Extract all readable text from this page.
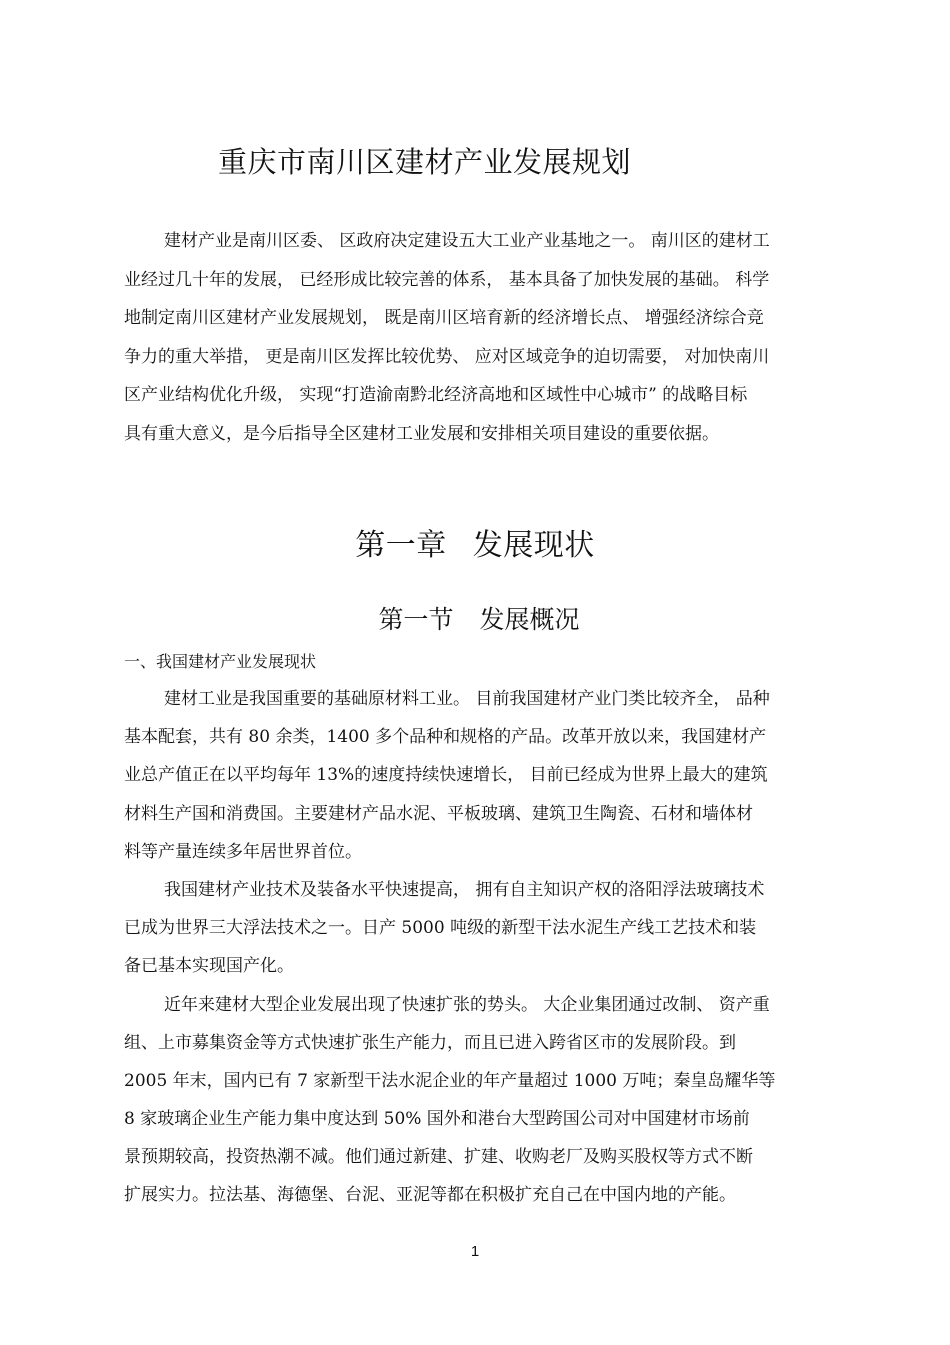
重庆市南川区建材产业发展规划
建材产业是南川区委、 区政府决定建设五大工业产业基地之一。 南川区的建材工
业经过几十年的发展， 已经形成比较完善的体系， 基本具备了加快发展的基础。 科学
地制定南川区建材产业发展规划， 既是南川区培育新的经济增长点、 增强经济综合竞
争力的重大举措， 更是南川区发挥比较优势、 应对区域竞争的迫切需要， 对加快南川
区产业结构优化升级， 实现“打造渝南黔北经济高地和区域性中心城市” 的战略目标
具有重大意义，是今后指导全区建材工业发展和安排相关项目建设的重要依据。
第一章 发展现状
第一节 发展概况
一、我国建材产业发展现状
建材工业是我国重要的基础原材料工业。 目前我国建材产业门类比较齐全， 品种
基本配套，共有 80 余类，1400 多个品种和规格的产品。改革开放以来，我国建材产
业总产值正在以平均每年 13%的速度持续快速增长， 目前已经成为世界上最大的建筑
材料生产国和消费国。主要建材产品水泥、平板玻璃、建筑卫生陶瓷、石材和墙体材
料等产量连续多年居世界首位。
我国建材产业技术及装备水平快速提高， 拥有自主知识产权的洛阳浮法玻璃技术
已成为世界三大浮法技术之一。日产 5000 吨级的新型干法水泥生产线工艺技术和装
备已基本实现国产化。
近年来建材大型企业发展出现了快速扩张的势头。 大企业集团通过改制、 资产重
组、上市募集资金等方式快速扩张生产能力，而且已进入跨省区市的发展阶段。到
2005 年末，国内已有 7 家新型干法水泥企业的年产量超过 1000 万吨；秦皇岛耀华等
8 家玻璃企业生产能力集中度达到 50% 国外和港台大型跨国公司对中国建材市场前
景预期较高，投资热潮不减。他们通过新建、扩建、收购老厂及购买股权等方式不断
扩展实力。拉法基、海德堡、台泥、亚泥等都在积极扩充自己在中国内地的产能。
1
